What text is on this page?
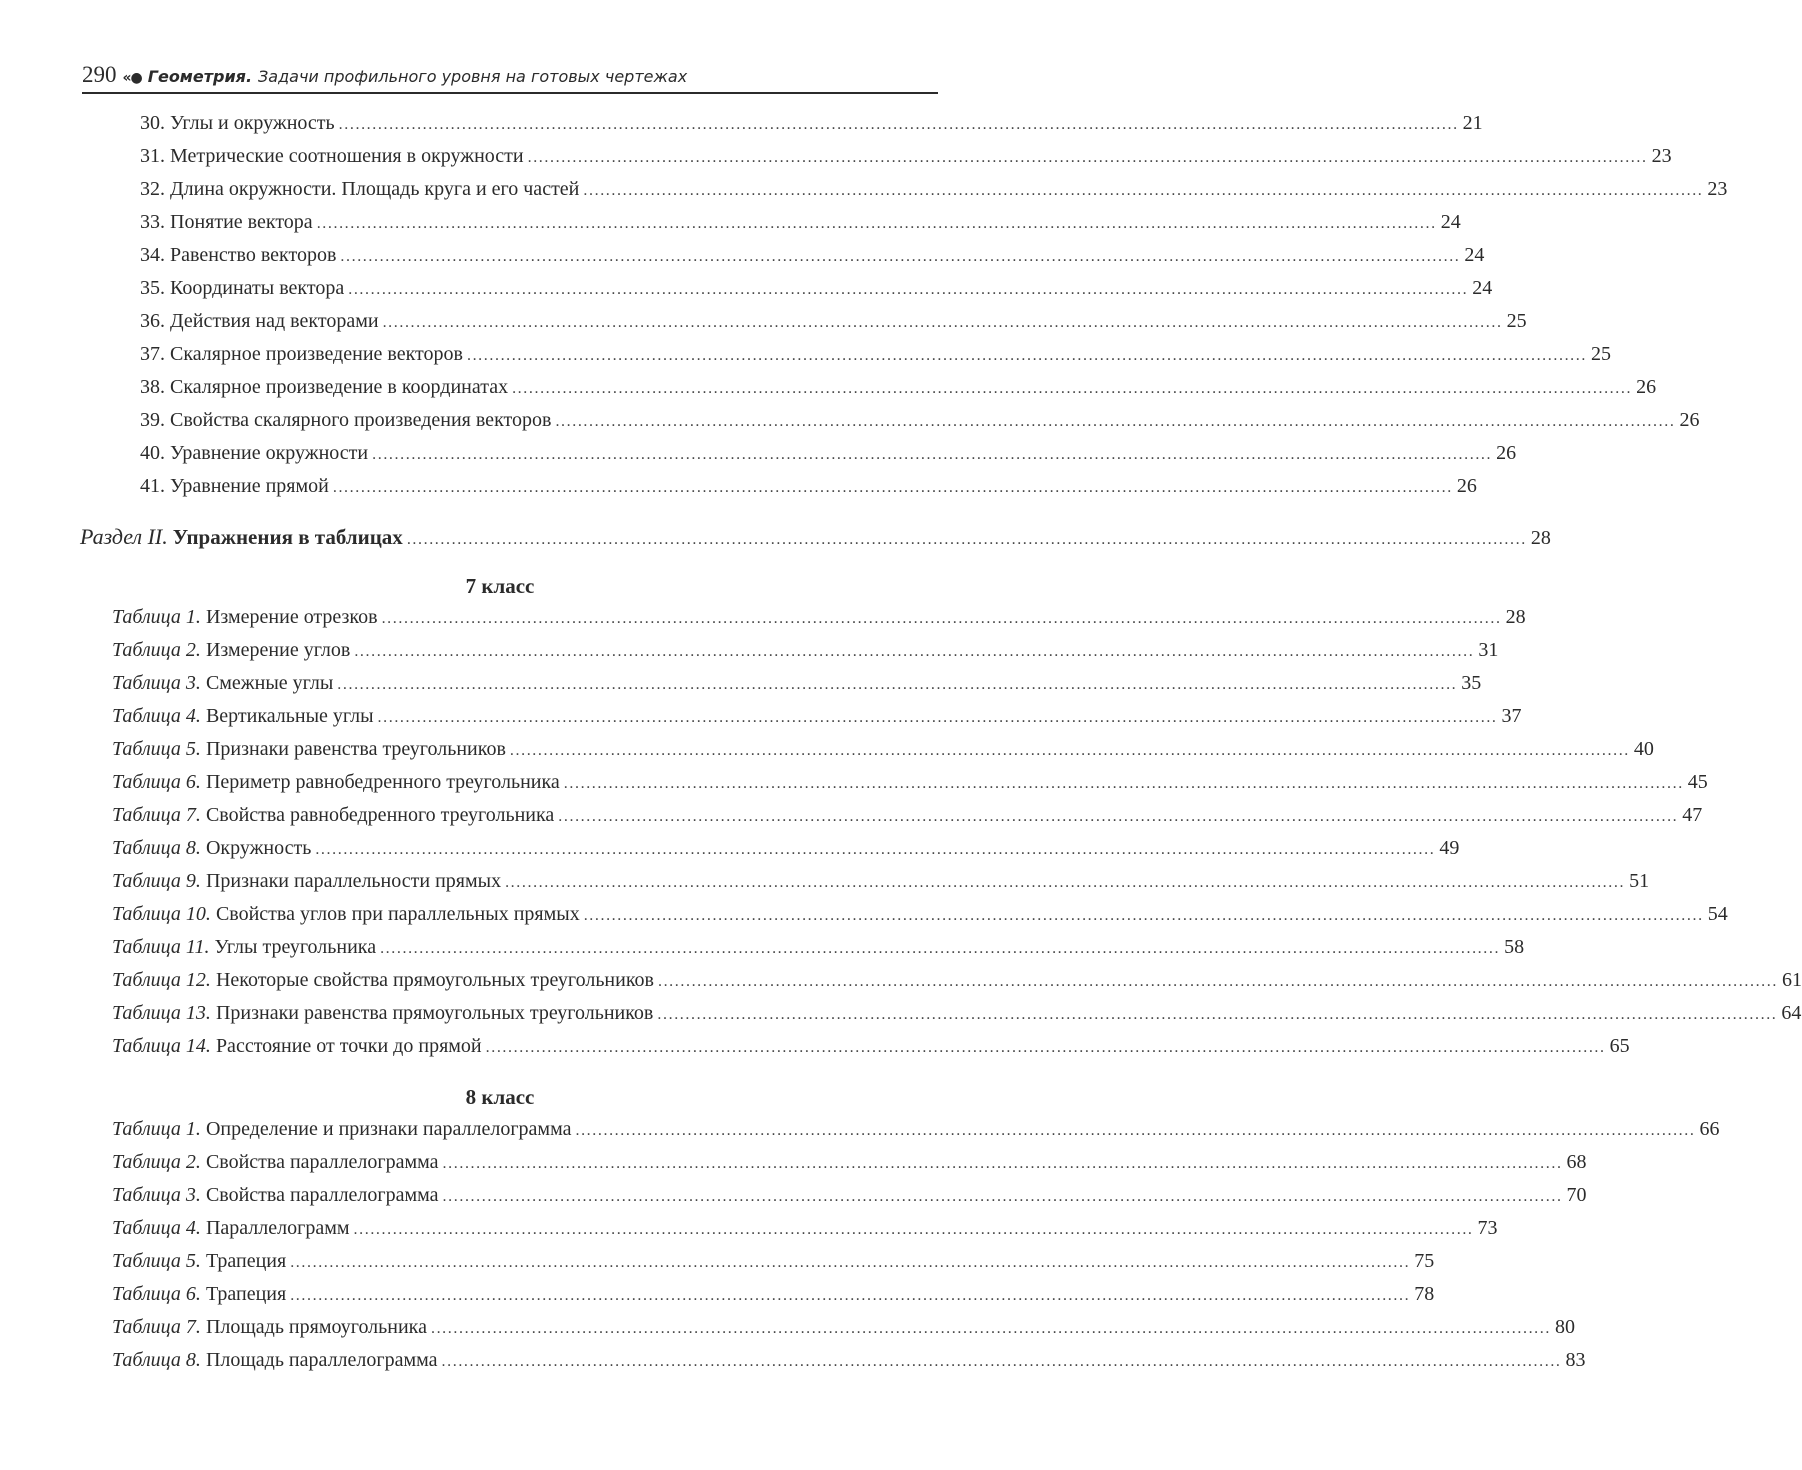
290 «● Геометрия. Задачи профильного уровня на готовых чертежах
30. Углы и окружность ........................................................................................................................................................................................................ 21
31. Метрические соотношения в окружности ........................................................................................................................................................................................................ 23
32. Длина окружности. Площадь круга и его частей ........................................................................................................................................................................................................ 23
33. Понятие вектора ........................................................................................................................................................................................................ 24
34. Равенство векторов ........................................................................................................................................................................................................ 24
35. Координаты вектора ........................................................................................................................................................................................................ 24
36. Действия над векторами ........................................................................................................................................................................................................ 25
37. Скалярное произведение векторов ........................................................................................................................................................................................................ 25
38. Скалярное произведение в координатах ........................................................................................................................................................................................................ 26
39. Свойства скалярного произведения векторов ........................................................................................................................................................................................................ 26
40. Уравнение окружности ........................................................................................................................................................................................................ 26
41. Уравнение прямой ........................................................................................................................................................................................................ 26
Раздел II. Упражнения в таблицах ........................................................................................................................................................................................................ 28
7 класс
Таблица 1. Измерение отрезков ........................................................................................................................................................................................................ 28
Таблица 2. Измерение углов ........................................................................................................................................................................................................ 31
Таблица 3. Смежные углы ........................................................................................................................................................................................................ 35
Таблица 4. Вертикальные углы ........................................................................................................................................................................................................ 37
Таблица 5. Признаки равенства треугольников ........................................................................................................................................................................................................ 40
Таблица 6. Периметр равнобедренного треугольника ........................................................................................................................................................................................................ 45
Таблица 7. Свойства равнобедренного треугольника ........................................................................................................................................................................................................ 47
Таблица 8. Окружность ........................................................................................................................................................................................................ 49
Таблица 9. Признаки параллельности прямых ........................................................................................................................................................................................................ 51
Таблица 10. Свойства углов при параллельных прямых ........................................................................................................................................................................................................ 54
Таблица 11. Углы треугольника ........................................................................................................................................................................................................ 58
Таблица 12. Некоторые свойства прямоугольных треугольников ........................................................................................................................................................................................................ 61
Таблица 13. Признаки равенства прямоугольных треугольников ........................................................................................................................................................................................................ 64
Таблица 14. Расстояние от точки до прямой ........................................................................................................................................................................................................ 65
8 класс
Таблица 1. Определение и признаки параллелограмма ........................................................................................................................................................................................................ 66
Таблица 2. Свойства параллелограмма ........................................................................................................................................................................................................ 68
Таблица 3. Свойства параллелограмма ........................................................................................................................................................................................................ 70
Таблица 4. Параллелограмм ........................................................................................................................................................................................................ 73
Таблица 5. Трапеция ........................................................................................................................................................................................................ 75
Таблица 6. Трапеция ........................................................................................................................................................................................................ 78
Таблица 7. Площадь прямоугольника ........................................................................................................................................................................................................ 80
Таблица 8. Площадь параллелограмма ........................................................................................................................................................................................................ 83
